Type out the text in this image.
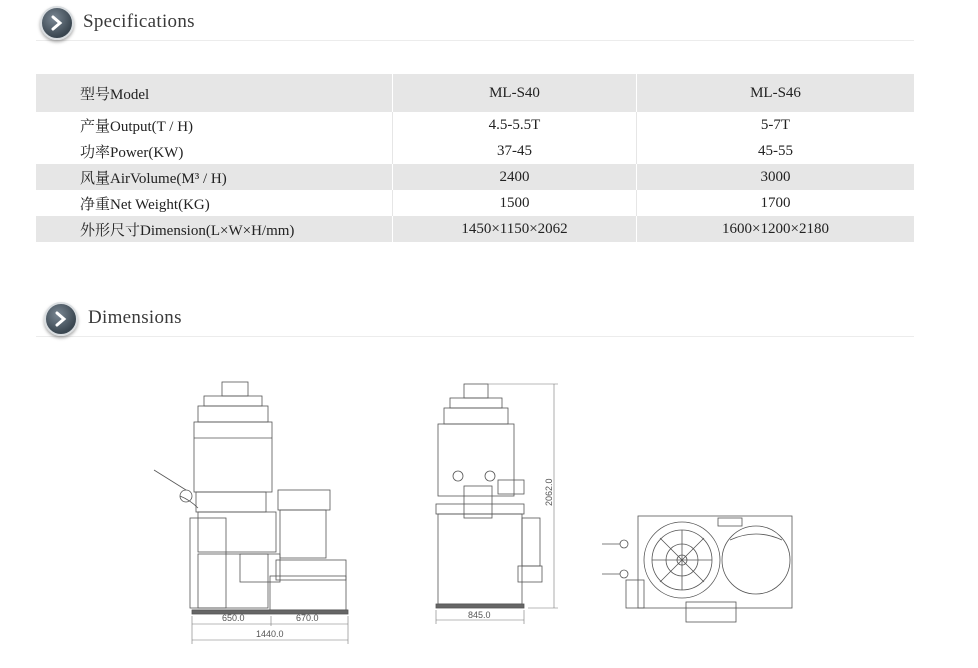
Specifications
型号Model	ML-S40	ML-S46
产量Output(T / H)	4.5-5.5T	5-7T
功率Power(KW)	37-45	45-55
风量AirVolume(M³ / H)	2400	3000
净重Net Weight(KG)	1500	1700
外形尺寸Dimension(L×W×H/mm)	1450×1150×2062	1600×1200×2180
Dimensions
650.0	670.0
1440.0
845.0
2062.0
